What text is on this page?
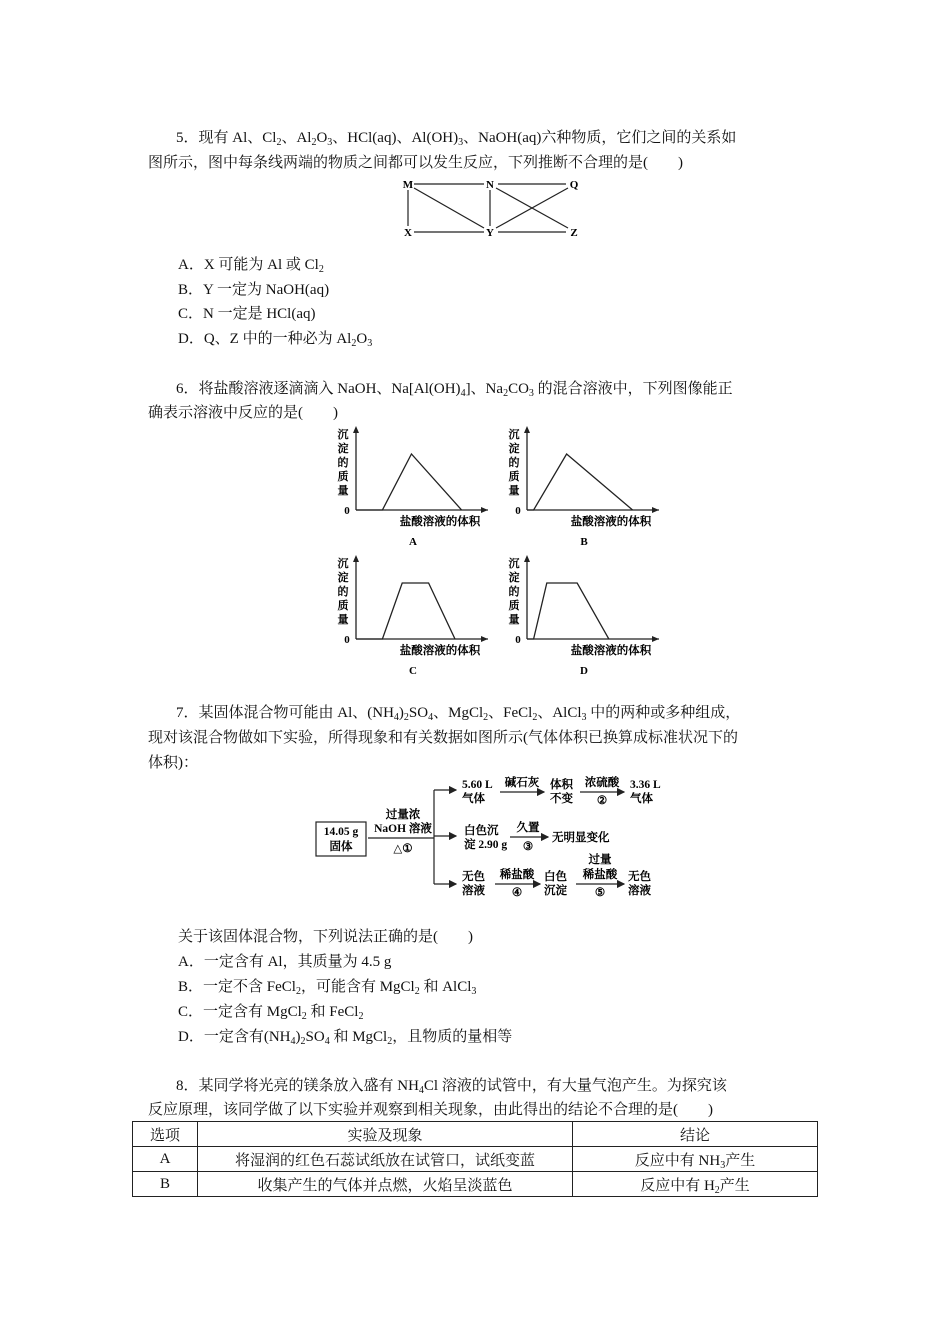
5．现有 Al、$Cl_2$、$Al_2O_3$、HCl(aq)、$Al(OH)_3$、NaOH(aq)六种物质，它们之间的关系如
图所示，图中每条线两端的物质之间都可以发生反应，下列推断不合理的是(　　)
M	N	Q
X	Y	Z
A．X 可能为 Al 或 $Cl_2$
B．Y 一定为 NaOH(aq)
C．N 一定是 HCl(aq)
D．Q、Z 中的一种必为 $Al_2O_3$
6．将盐酸溶液逐滴滴入 NaOH、$Na[Al(OH)_4]$、$Na_2CO_3$ 的混合溶液中，下列图像能正
确表示溶液中反应的是(　　)
沉
淀
的
质
量
0
盐酸溶液的体积
A
沉
淀
的
质
量
0
盐酸溶液的体积
B
沉
淀
的
质
量
0
盐酸溶液的体积
C
沉
淀
的
质
量
0
盐酸溶液的体积
D
7．某固体混合物可能由 Al、$(NH_4)_2SO_4$、MgCl$_2$、FeCl$_2$、AlCl$_3$ 中的两种或多种组成，
现对该混合物做如下实验，所得现象和有关数据如图所示(气体体积已换算成标准状况下的
体积)：
14.05 g
固体
过量浓
NaOH 溶液
△①
5.60 L
气体
碱石灰 体积
不变
浓硫酸
②
3.36 L
气体
白色沉
淀 2.90 g
久置
③
无明显变化
无色
溶液
稀盐酸
④
白色
沉淀
过量
稀盐酸
⑤
无色
溶液
关于该固体混合物，下列说法正确的是(　　)
A．一定含有 Al，其质量为 4.5 g
B．一定不含 FeCl$_2$，可能含有 MgCl$_2$ 和 AlCl$_3$
C．一定含有 MgCl$_2$ 和 FeCl$_2$
D．一定含有$(NH_4)_2SO_4$ 和 MgCl$_2$，且物质的量相等
8．某同学将光亮的镁条放入盛有 $NH_4Cl$ 溶液的试管中，有大量气泡产生。为探究该
反应原理，该同学做了以下实验并观察到相关现象，由此得出的结论不合理的是(　　)
选项	实验及现象	结论
A	将湿润的红色石蕊试纸放在试管口，试纸变蓝	反应中有 $NH_3$产生
B	收集产生的气体并点燃，火焰呈淡蓝色	反应中有 $H_2$产生
